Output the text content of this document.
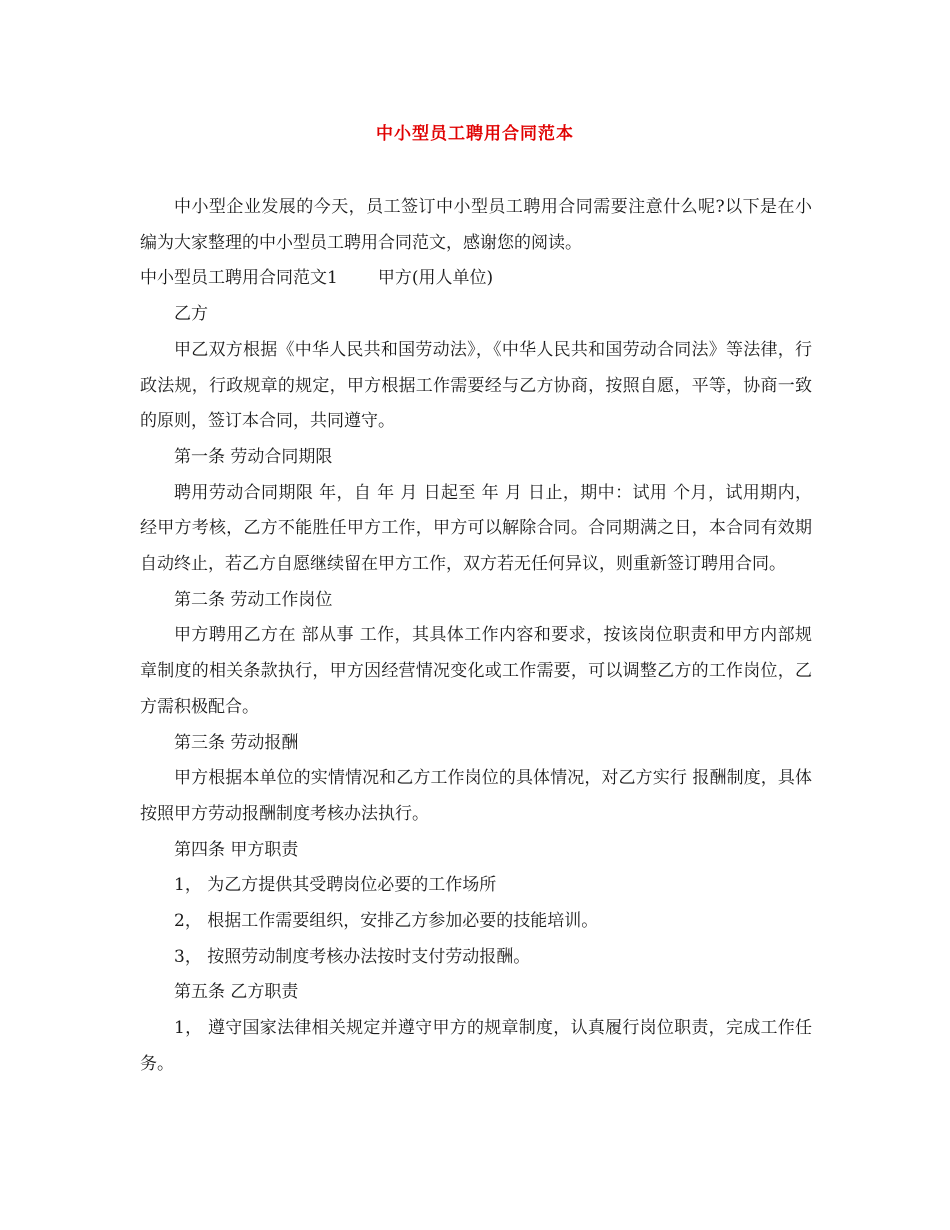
中小型员工聘用合同范本

中小型企业发展的今天，员工签订中小型员工聘用合同需要注意什么呢?以下是在小编为大家整理的中小型员工聘用合同范文，感谢您的阅读。

中小型员工聘用合同范文1 甲方(用人单位)

乙方

甲乙双方根据《中华人民共和国劳动法》，《中华人民共和国劳动合同法》等法律，行政法规，行政规章的规定，甲方根据工作需要经与乙方协商，按照自愿，平等，协商一致的原则，签订本合同，共同遵守。

第一条 劳动合同期限

聘用劳动合同期限 年，自 年 月 日起至 年 月 日止，期中：试用 个月，试用期内，经甲方考核，乙方不能胜任甲方工作，甲方可以解除合同。合同期满之日，本合同有效期自动终止，若乙方自愿继续留在甲方工作，双方若无任何异议，则重新签订聘用合同。

第二条 劳动工作岗位

甲方聘用乙方在 部从事 工作，其具体工作内容和要求，按该岗位职责和甲方内部规章制度的相关条款执行，甲方因经营情况变化或工作需要，可以调整乙方的工作岗位，乙方需积极配合。

第三条 劳动报酬

甲方根据本单位的实情情况和乙方工作岗位的具体情况，对乙方实行 报酬制度，具体按照甲方劳动报酬制度考核办法执行。

第四条 甲方职责

1， 为乙方提供其受聘岗位必要的工作场所

2， 根据工作需要组织，安排乙方参加必要的技能培训。

3， 按照劳动制度考核办法按时支付劳动报酬。

第五条 乙方职责

1， 遵守国家法律相关规定并遵守甲方的规章制度，认真履行岗位职责，完成工作任务。
